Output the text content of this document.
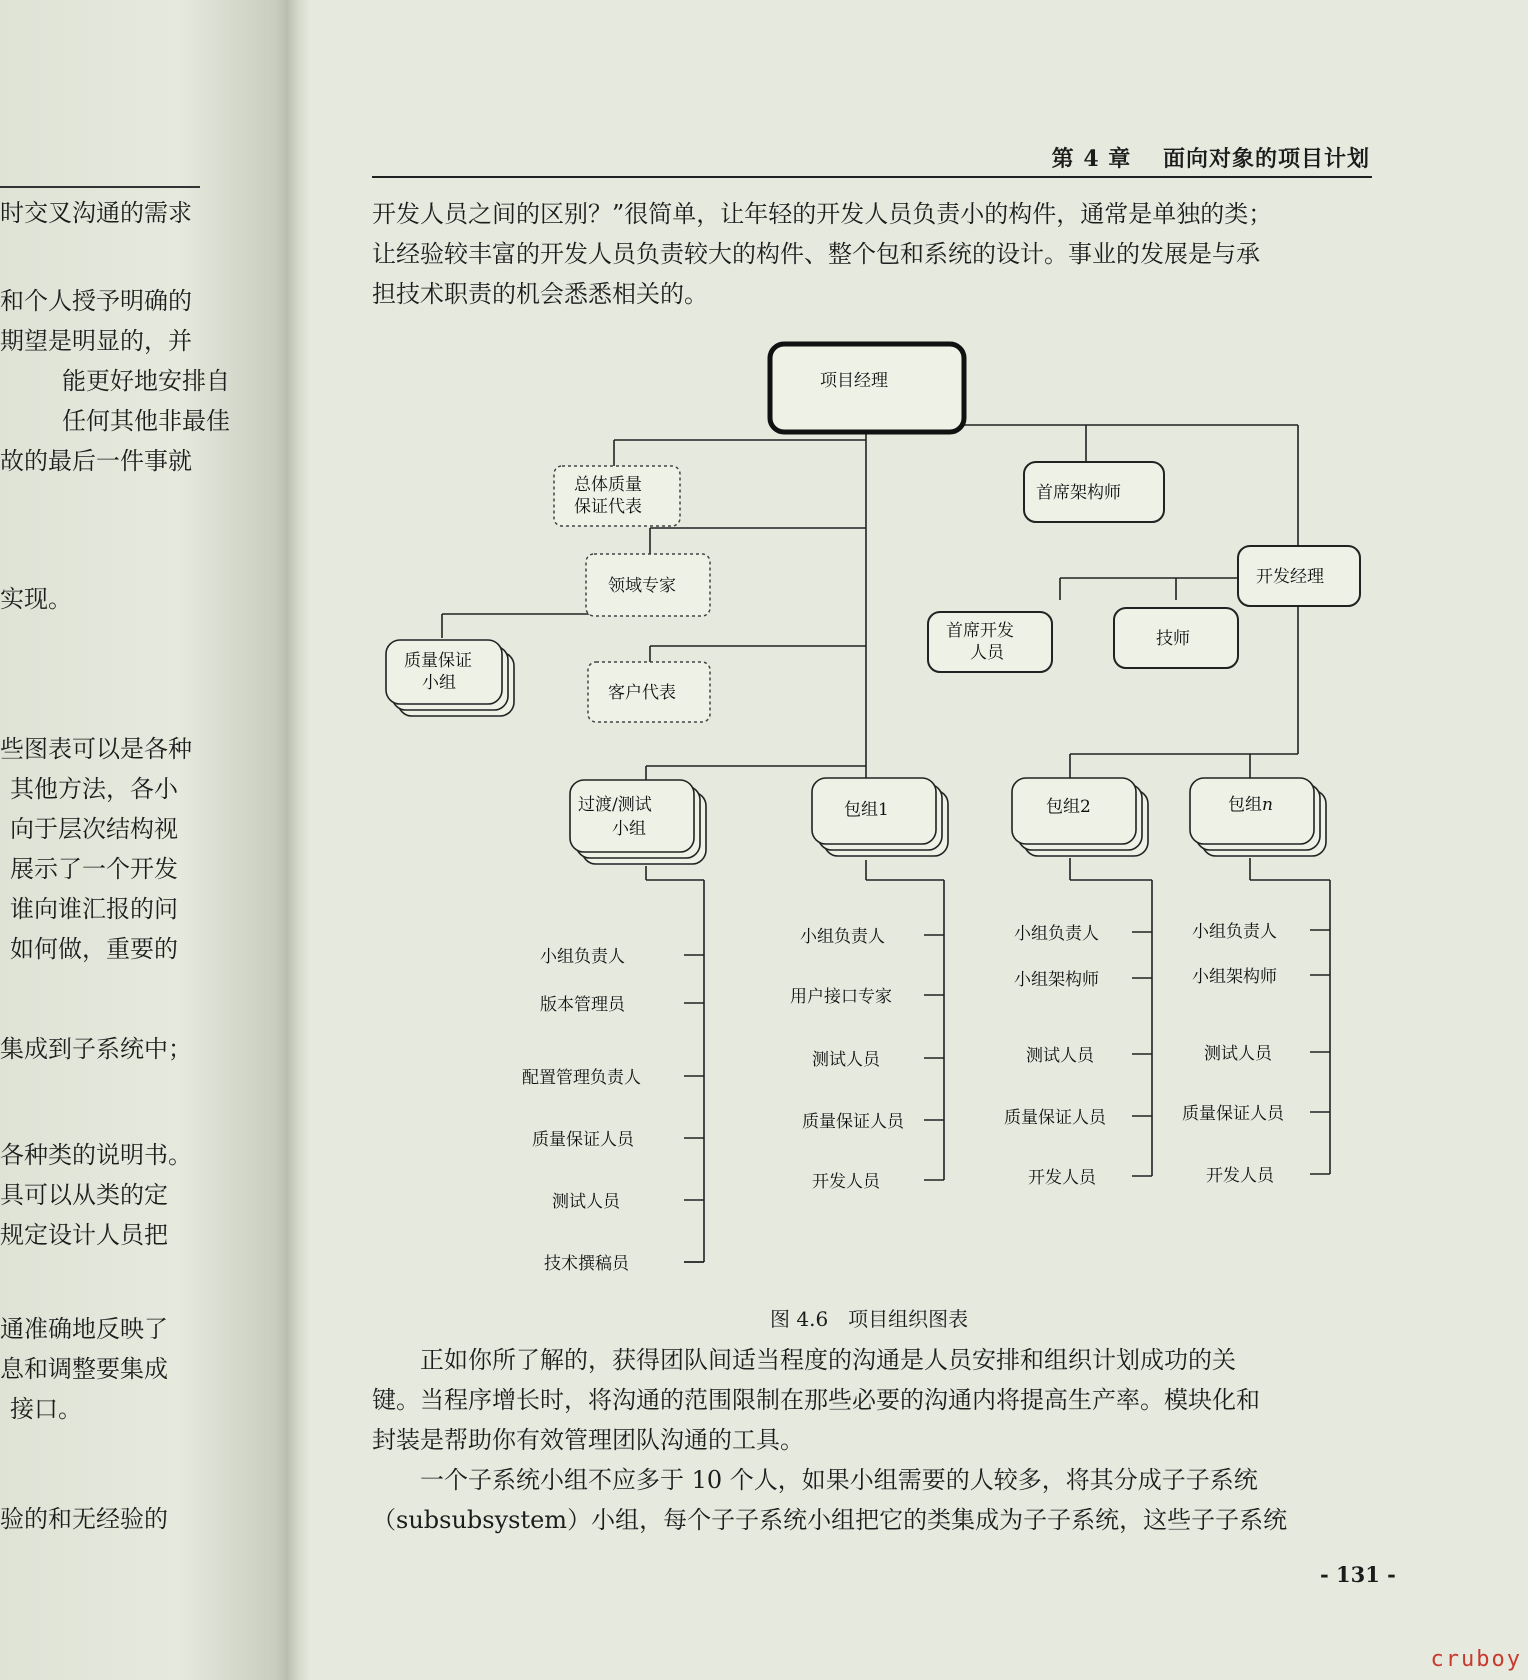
时交叉沟通的需求
和个人授予明确的
期望是明显的，并
能更好地安排自
任何其他非最佳
故的最后一件事就
实现。
些图表可以是各种
其他方法，各小
向于层次结构视
展示了一个开发
谁向谁汇报的问
如何做，重要的
集成到子系统中；
各种类的说明书。
具可以从类的定
规定设计人员把
通准确地反映了
息和调整要集成
接口。
验的和无经验的
第 4 章　 面向对象的项目计划
开发人员之间的区别？”很简单，让年轻的开发人员负责小的构件，通常是单独的类；
让经验较丰富的开发人员负责较大的构件、整个包和系统的设计。事业的发展是与承
担技术职责的机会悉悉相关的。
项目经理
首席架构师
开发经理
首席开发
人员
技师
总体质量
保证代表
领域专家
客户代表
质量保证
小组
过渡/测试
小组
包组1	包组2	包组n
小组负责人
版本管理员
配置管理负责人
质量保证人员
测试人员
技术撰稿员
小组负责人
用户接口专家
测试人员
质量保证人员
开发人员
小组负责人
小组架构师
测试人员
质量保证人员
开发人员
小组负责人
小组架构师
测试人员
质量保证人员
开发人员
图 4.6　项目组织图表
正如你所了解的，获得团队间适当程度的沟通是人员安排和组织计划成功的关
键。当程序增长时，将沟通的范围限制在那些必要的沟通内将提高生产率。模块化和
封装是帮助你有效管理团队沟通的工具。
一个子系统小组不应多于 10 个人，如果小组需要的人较多，将其分成子子系统
（subsubsystem）小组，每个子子系统小组把它的类集成为子子系统，这些子子系统
- 131 -
cruboy
